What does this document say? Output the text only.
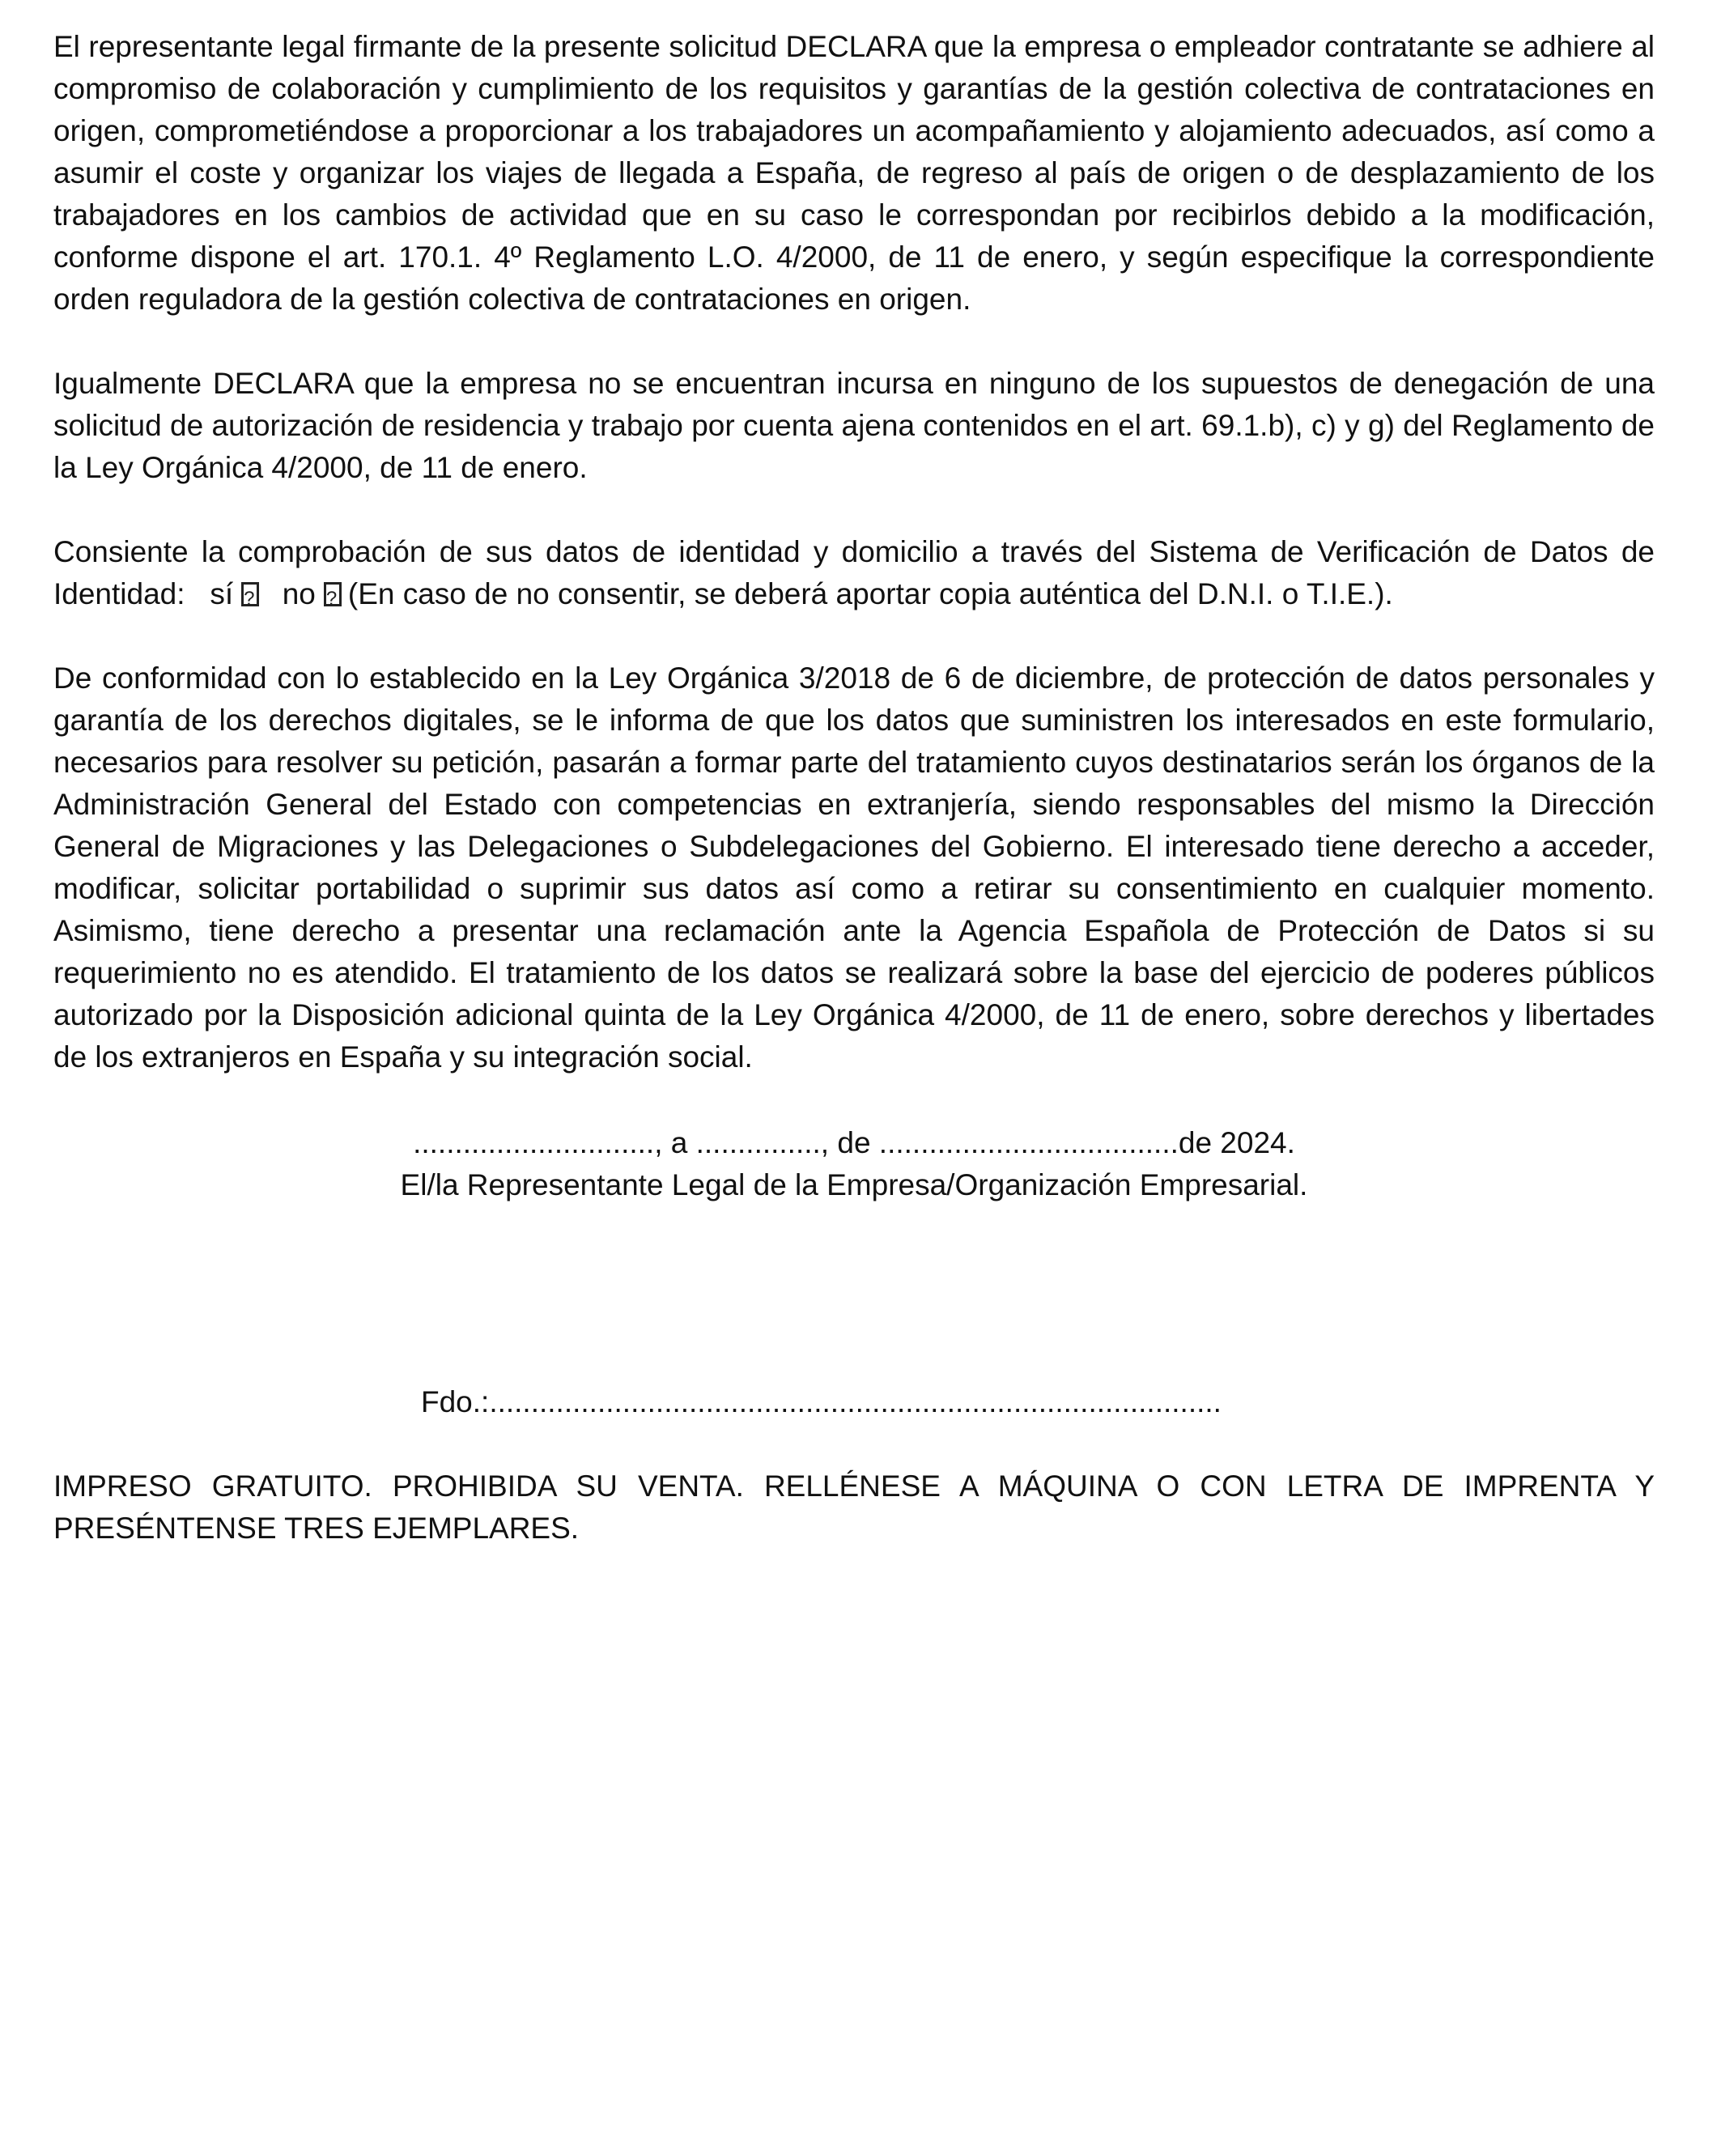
El representante legal firmante de la presente solicitud DECLARA que la empresa o empleador contratante se adhiere al compromiso de colaboración y cumplimiento de los requisitos y garantías de la gestión colectiva de contrataciones en origen, comprometiéndose a proporcionar a los trabajadores un acompañamiento y alojamiento adecuados, así como a asumir el coste y organizar los viajes de llegada a España, de regreso al país de origen o de desplazamiento de los trabajadores en los cambios de actividad que en su caso le correspondan por recibirlos debido a la modificación, conforme dispone el art. 170.1. 4º Reglamento L.O. 4/2000, de 11 de enero, y según especifique la correspondiente orden reguladora de la gestión colectiva de contrataciones en origen.

Igualmente DECLARA que la empresa no se encuentran incursa en ninguno de los supuestos de denegación de una solicitud de autorización de residencia y trabajo por cuenta ajena contenidos en el art. 69.1.b), c) y g) del Reglamento de la Ley Orgánica 4/2000, de 11 de enero.

Consiente la comprobación de sus datos de identidad y domicilio a través del Sistema de Verificación de Datos de Identidad: sí ? no ? (En caso de no consentir, se deberá aportar copia auténtica del D.N.I. o T.I.E.).

De conformidad con lo establecido en la Ley Orgánica 3/2018 de 6 de diciembre, de protección de datos personales y garantía de los derechos digitales, se le informa de que los datos que suministren los interesados en este formulario, necesarios para resolver su petición, pasarán a formar parte del tratamiento cuyos destinatarios serán los órganos de la Administración General del Estado con competencias en extranjería, siendo responsables del mismo la Dirección General de Migraciones y las Delegaciones o Subdelegaciones del Gobierno. El interesado tiene derecho a acceder, modificar, solicitar portabilidad o suprimir sus datos así como a retirar su consentimiento en cualquier momento. Asimismo, tiene derecho a presentar una reclamación ante la Agencia Española de Protección de Datos si su requerimiento no es atendido. El tratamiento de los datos se realizará sobre la base del ejercicio de poderes públicos autorizado por la Disposición adicional quinta de la Ley Orgánica 4/2000, de 11 de enero, sobre derechos y libertades de los extranjeros en España y su integración social.

............................., a ..............., de ....................................de 2024.
El/la Representante Legal de la Empresa/Organización Empresarial.
Fdo.:........................................................................................

IMPRESO GRATUITO. PROHIBIDA SU VENTA. RELLÉNESE A MÁQUINA O CON LETRA DE IMPRENTA Y PRESÉNTENSE TRES EJEMPLARES.
